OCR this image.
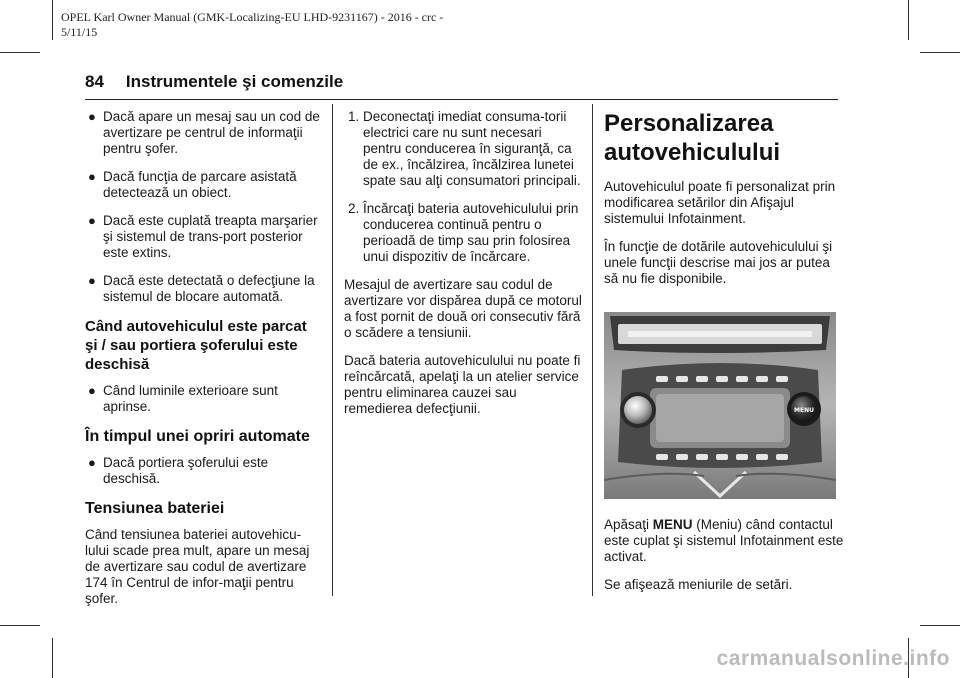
OPEL Karl Owner Manual (GMK-Localizing-EU LHD-9231167) - 2016 - crc -
5/11/15
84 Instrumentele şi comenzile
● Dacă apare un mesaj sau un cod de avertizare pe centrul de informaţii pentru şofer.
● Dacă funcţia de parcare asistată detectează un obiect.
● Dacă este cuplată treapta marşarier şi sistemul de trans-port posterior este extins.
● Dacă este detectată o defecţiune la sistemul de blocare automată.
Când autovehiculul este parcat şi / sau portiera şoferului este deschisă
● Când luminile exterioare sunt aprinse.
În timpul unei opriri automate
● Dacă portiera şoferului este deschisă.
Tensiunea bateriei

Când tensiunea bateriei autovehicu-lului scade prea mult, apare un mesaj de avertizare sau codul de avertizare 174 în Centrul de infor-maţii pentru şofer.

1. Deconectaţi imediat consuma-torii electrici care nu sunt necesari pentru conducerea în siguranţă, ca de ex., încălzirea, încălzirea lunetei spate sau alţi consumatori principali.
2. Încărcaţi bateria autovehiculului prin conducerea continuă pentru o perioadă de timp sau prin folosirea unui dispozitiv de încărcare.

Mesajul de avertizare sau codul de avertizare vor dispărea după ce motorul a fost pornit de două ori consecutiv fără o scădere a tensiunii.

Dacă bateria autovehiculului nu poate fi reîncărcată, apelaţi la un atelier service pentru eliminarea cauzei sau remedierea defecţiunii.

Personalizarea autovehiculului

Autovehiculul poate fi personalizat prin modificarea setărilor din Afişajul sistemului Infotainment.

În funcţie de dotările autovehiculului şi unele funcţii descrise mai jos ar putea să nu fie disponibile.

MENU

Apăsaţi MENU (Meniu) când contactul este cuplat şi sistemul Infotainment este activat.

Se afişează meniurile de setări.

carmanualsonline.info
